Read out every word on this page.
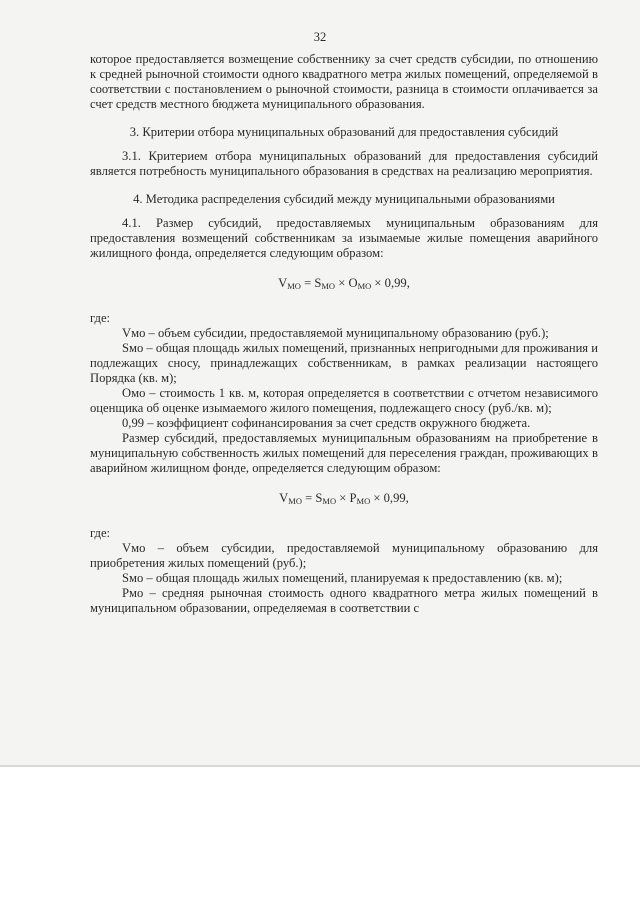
32

которое предоставляется возмещение собственнику за счет средств субсидии, по отношению к средней рыночной стоимости одного квадратного метра жилых помещений, определяемой в соответствии с постановлением о рыночной стоимости, разница в стоимости оплачивается за счет средств местного бюджета муниципального образования.

3. Критерии отбора муниципальных образований для предоставления субсидий

3.1. Критерием отбора муниципальных образований для предоставления субсидий является потребность муниципального образования в средствах на реализацию мероприятия.

4. Методика распределения субсидий между муниципальными образованиями

4.1. Размер субсидий, предоставляемых муниципальным образованиям для предоставления возмещений собственникам за изымаемые жилые помещения аварийного жилищного фонда, определяется следующим образом:

$V_{МО} = S_{МО} \times О_{МО} \times 0,99$,

где:

Vмо – объем субсидии, предоставляемой муниципальному образованию (руб.);

Sмо – общая площадь жилых помещений, признанных непригодными для проживания и подлежащих сносу, принадлежащих собственникам, в рамках реализации настоящего Порядка (кв. м);

Омо – стоимость 1 кв. м, которая определяется в соответствии с отчетом независимого оценщика об оценке изымаемого жилого помещения, подлежащего сносу (руб./кв. м);

0,99 – коэффициент софинансирования за счет средств окружного бюджета.

Размер субсидий, предоставляемых муниципальным образованиям на приобретение в муниципальную собственность жилых помещений для переселения граждан, проживающих в аварийном жилищном фонде, определяется следующим образом:

$V_{МО} = S_{МО} \times Р_{МО} \times 0,99$,

где:

Vмо – объем субсидии, предоставляемой муниципальному образованию для приобретения жилых помещений (руб.);

Sмо – общая площадь жилых помещений, планируемая к предоставлению (кв. м);

Рмо – средняя рыночная стоимость одного квадратного метра жилых помещений в муниципальном образовании, определяемая в соответствии с
